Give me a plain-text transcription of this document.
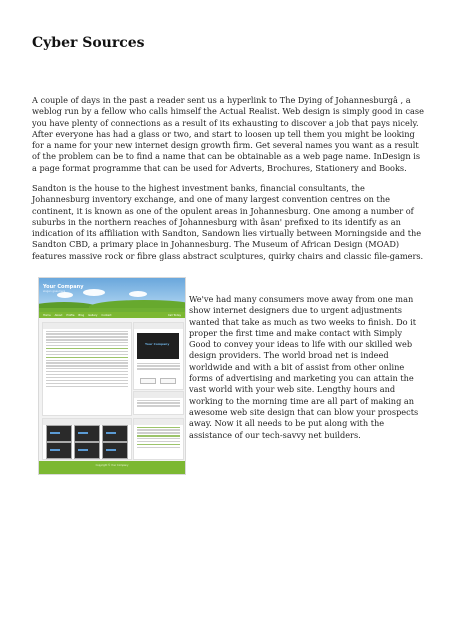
Cyber Sources

A couple of days in the past a reader sent us a hyperlink to The Dying of Johannesburgâ , a weblog run by a fellow who calls himself the Actual Realist. Web design is simply good in case you have plenty of connections as a result of its exhausting to discover a job that pays nicely. After everyone has had a glass or two, and start to loosen up tell them you might be looking for a name for your new internet design growth firm. Get several names you want as a result of the problem can be to find a name that can be obtainable as a web page name. InDesign is a page format programme that can be used for Adverts, Brochures, Stationery and Books.

Sandton is the house to the highest investment banks, financial consultants, the Johannesburg inventory exchange, and one of many largest convention centres on the continent, it is known as one of the opulent areas in Johannesburg. One among a number of suburbs in the northern reaches of Johannesburg with âsan' prefixed to its identify as an indication of its affiliation with Sandton, Sandown lies virtually between Morningside and the Sandton CBD, a primary place in Johannesburg. The Museum of African Design (MOAD) features massive rock or fibre glass abstract sculptures, quirky chairs and classic file-gamers.

Your Company
slogan goes here
Home About Profile Blog Gallery Contact	Call Today

Your Company

Copyright © Your Company

We've had many consumers move away from one man show internet designers due to urgent adjustments wanted that take as much as two weeks to finish. Do it proper the first time and make contact with Simply Good to convey your ideas to life with our skilled web design providers. The world broad net is indeed worldwide and with a bit of assist from other online forms of advertising and marketing you can attain the vast world with your web site. Lengthy hours and working to the morning time are all part of making an awesome web site design that can blow your prospects away. Now it all needs to be put along with the assistance of our tech-savvy net builders.
